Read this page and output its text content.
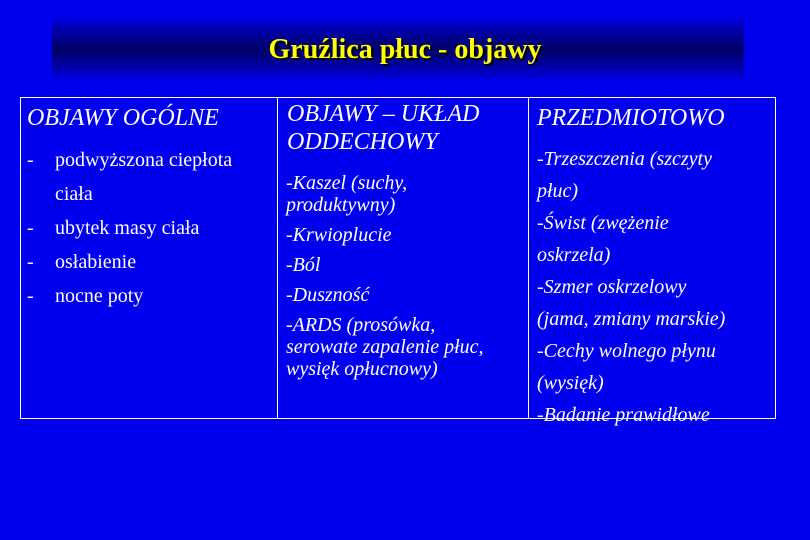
Gruźlica płuc - objawy
OBJAWY OGÓLNE
- podwyższona ciepłota
ciała
- ubytek masy ciała
- osłabienie
- nocne poty
OBJAWY – UKŁAD
ODDECHOWY
-Kaszel (suchy,
produktywny)
-Krwioplucie
-Ból
-Duszność
-ARDS (prosówka,
serowate zapalenie płuc,
wysięk opłucnowy)
PRZEDMIOTOWO
-Trzeszczenia (szczyty
płuc)
-Świst (zwężenie
oskrzela)
-Szmer oskrzelowy
(jama, zmiany marskie)
-Cechy wolnego płynu
(wysięk)
-Badanie prawidłowe
